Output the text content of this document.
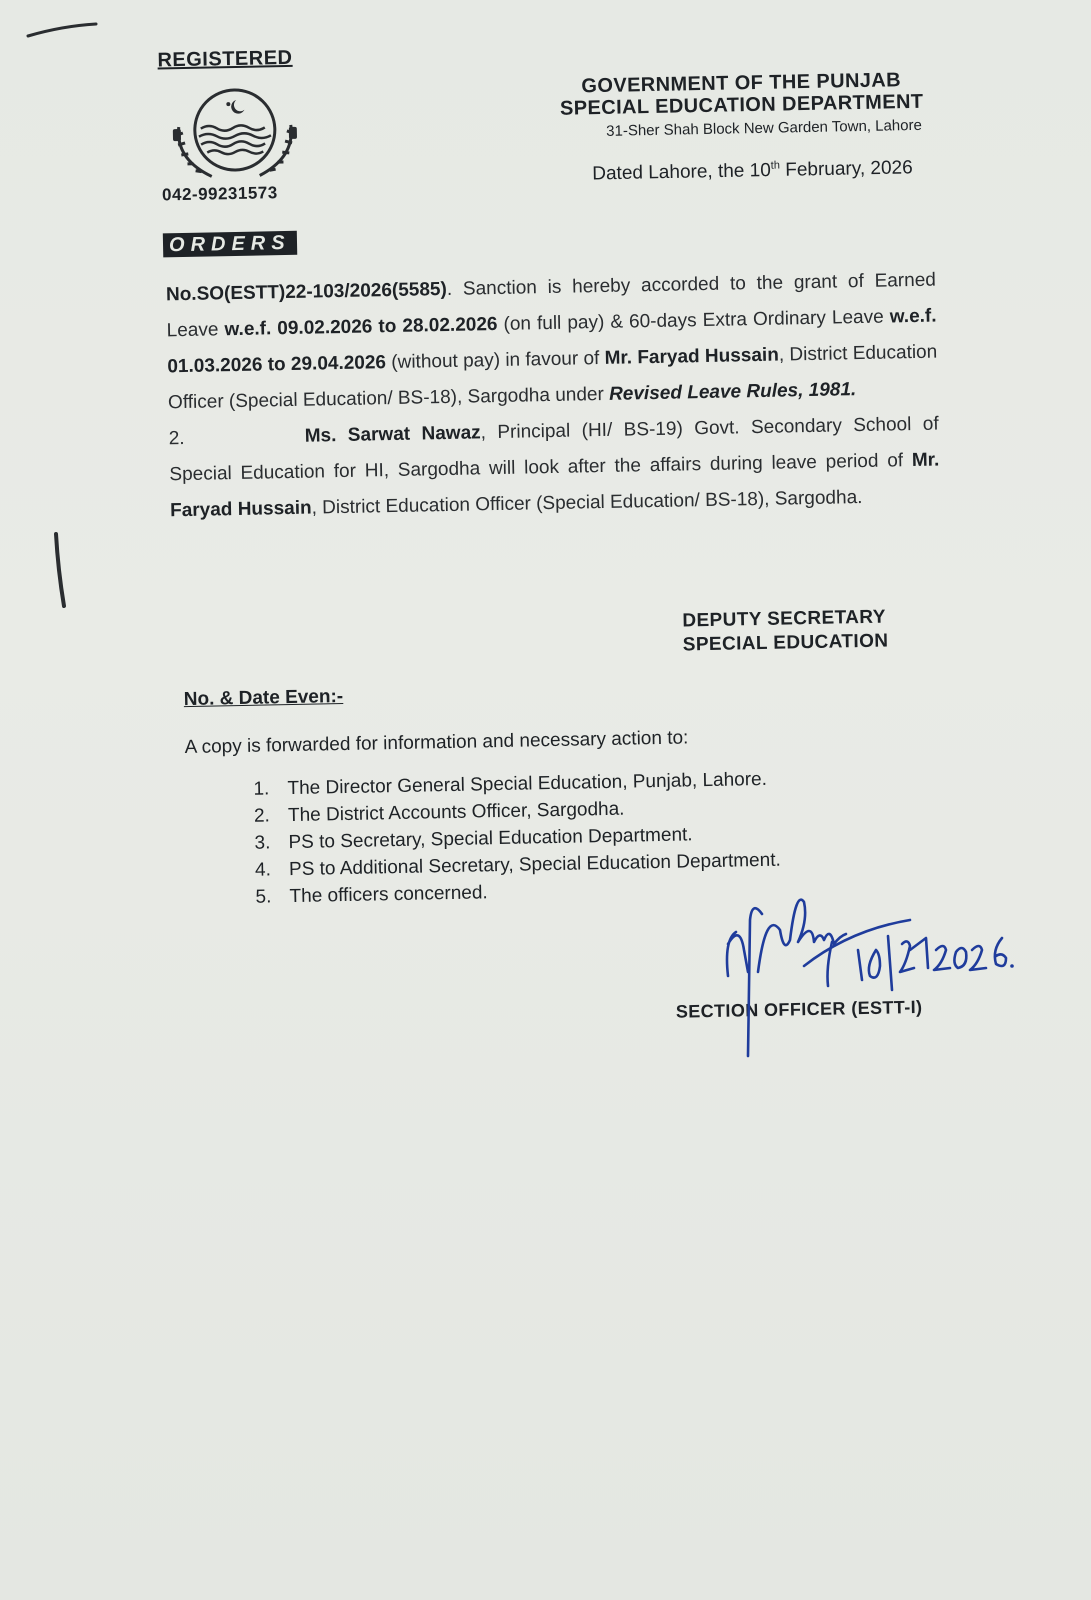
REGISTERED
042-99231573
GOVERNMENT OF THE PUNJAB
SPECIAL EDUCATION DEPARTMENT
31-Sher Shah Block New Garden Town, Lahore
Dated Lahore, the 10th February, 2026
ORDERS
No.SO(ESTT)22-103/2026(5585). Sanction is hereby accorded to the grant of Earned Leave w.e.f. 09.02.2026 to 28.02.2026 (on full pay) & 60-days Extra Ordinary Leave w.e.f. 01.03.2026 to 29.04.2026 (without pay) in favour of Mr. Faryad Hussain, District Education Officer (Special Education/ BS-18), Sargodha under Revised Leave Rules, 1981.
2.	Ms. Sarwat Nawaz, Principal (HI/ BS-19) Govt. Secondary School of Special Education for HI, Sargodha will look after the affairs during leave period of Mr. Faryad Hussain, District Education Officer (Special Education/ BS-18), Sargodha.
DEPUTY SECRETARY
SPECIAL EDUCATION
No. & Date Even:-
A copy is forwarded for information and necessary action to:
1. The Director General Special Education, Punjab, Lahore.
2. The District Accounts Officer, Sargodha.
3. PS to Secretary, Special Education Department.
4. PS to Additional Secretary, Special Education Department.
5. The officers concerned.
SECTION OFFICER (ESTT-I)
